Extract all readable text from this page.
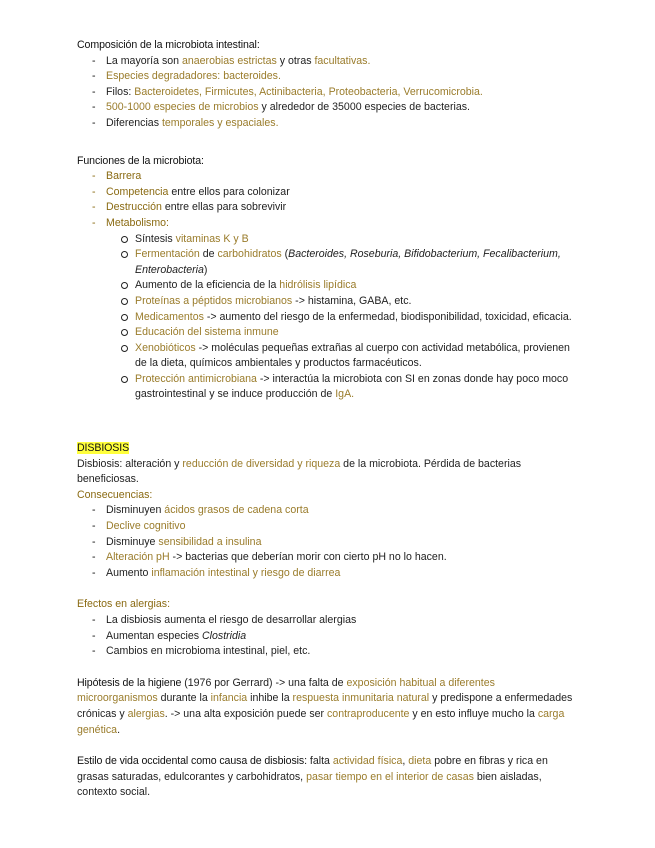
Composición de la microbiota intestinal:

- La mayoría son anaerobias estrictas y otras facultativas.
- Especies degradadores: bacteroides.
- Filos: Bacteroidetes, Firmicutes, Actinibacteria, Proteobacteria, Verrucomicrobia.
- 500-1000 especies de microbios y alrededor de 35000 especies de bacterias.
- Diferencias temporales y espaciales.

Funciones de la microbiota:

- Barrera
- Competencia entre ellos para colonizar
- Destrucción entre ellas para sobrevivir
- Metabolismo:
Síntesis vitaminas K y B
Fermentación de carbohidratos (Bacteroides, Roseburia, Bifidobacterium, Fecalibacterium, Enterobacteria)
Aumento de la eficiencia de la hidrólisis lipídica
Proteínas a péptidos microbianos -> histamina, GABA, etc.
Medicamentos -> aumento del riesgo de la enfermedad, biodisponibilidad, toxicidad, eficacia.
Educación del sistema inmune
Xenobióticos -> moléculas pequeñas extrañas al cuerpo con actividad metabólica, provienen de la dieta, químicos ambientales y productos farmacéuticos.
Protección antimicrobiana -> interactúa la microbiota con SI en zonas donde hay poco moco gastrointestinal y se induce producción de IgA.

DISBIOSIS

Disbiosis: alteración y reducción de diversidad y riqueza de la microbiota. Pérdida de bacterias beneficiosas.

Consecuencias:

- Disminuyen ácidos grasos de cadena corta
- Declive cognitivo
- Disminuye sensibilidad a insulina
- Alteración pH -> bacterias que deberían morir con cierto pH no lo hacen.
- Aumento inflamación intestinal y riesgo de diarrea

Efectos en alergias:

- La disbiosis aumenta el riesgo de desarrollar alergias
- Aumentan especies Clostridia
- Cambios en microbioma intestinal, piel, etc.

Hipótesis de la higiene (1976 por Gerrard) -> una falta de exposición habitual a diferentes microorganismos durante la infancia inhibe la respuesta inmunitaria natural y predispone a enfermedades crónicas y alergias. -> una alta exposición puede ser contraproducente y en esto influye mucho la carga genética.

Estilo de vida occidental como causa de disbiosis: falta actividad física, dieta pobre en fibras y rica en grasas saturadas, edulcorantes y carbohidratos, pasar tiempo en el interior de casas bien aisladas, contexto social.
